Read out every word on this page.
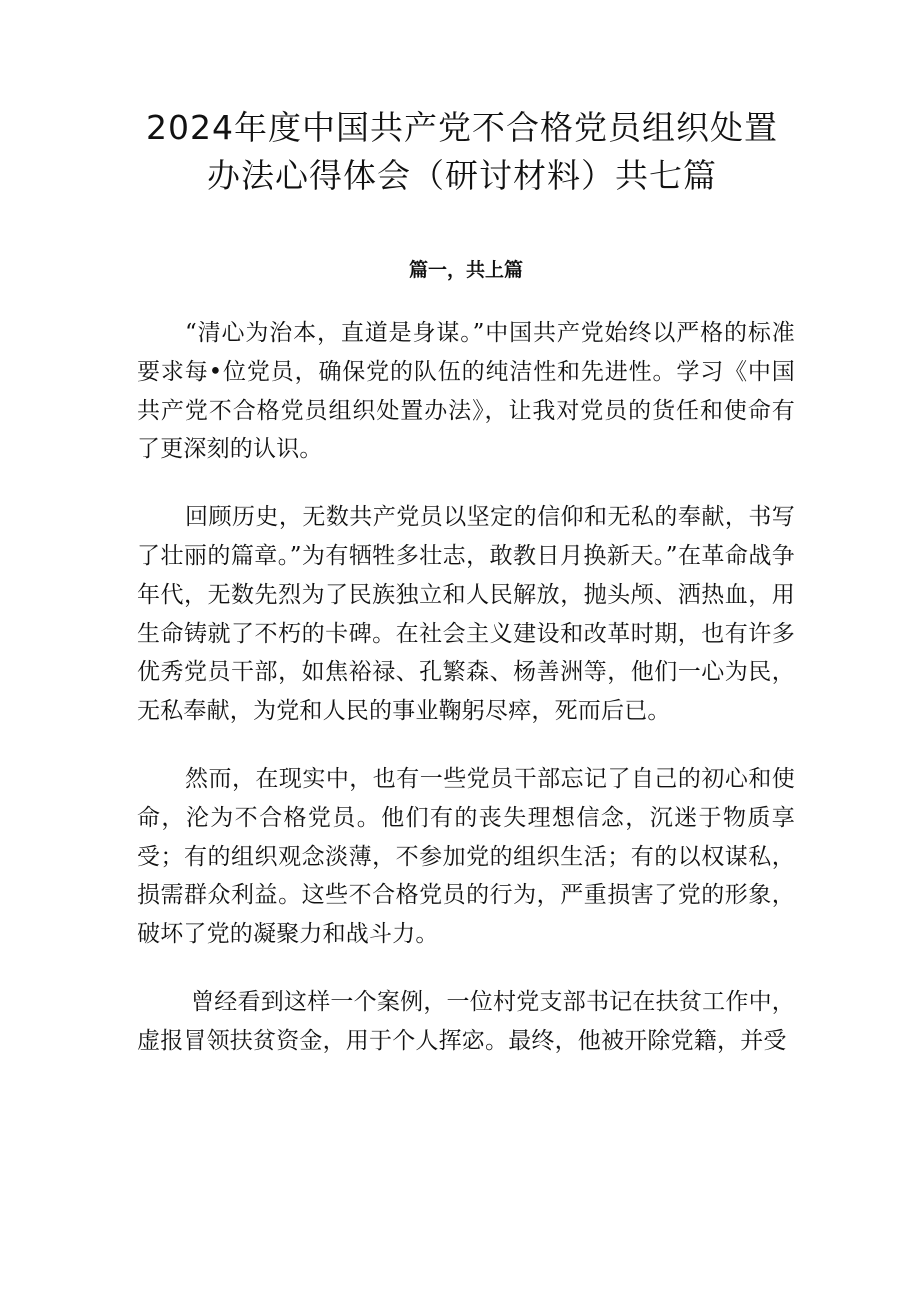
2024年度中国共产党不合格党员组织处置
办法心得体会（研讨材料）共七篇
篇一，共上篇

“清心为治本，直道是身谋。”中国共产党始终以严格的标准要求每•位党员，确保党的队伍的纯洁性和先进性。学习《中国共产党不合格党员组织处置办法》，让我对党员的货任和使命有了更深刻的认识。

回顾历史，无数共产党员以坚定的信仰和无私的奉献，书写了壮丽的篇章。”为有牺牲多壮志，敢教日月换新天。”在革命战争年代，无数先烈为了民族独立和人民解放，抛头颅、洒热血，用生命铸就了不朽的卡碑。在社会主义建设和改革时期，也有许多优秀党员干部，如焦裕禄、孔繁森、杨善洲等，他们一心为民，无私奉献，为党和人民的事业鞠躬尽瘁，死而后已。

然而，在现实中，也有一些党员干部忘记了自己的初心和使命，沦为不合格党员。他们有的丧失理想信念，沉迷于物质享受；有的组织观念淡薄，不参加党的组织生活；有的以权谋私，损需群众利益。这些不合格党员的行为，严重损害了党的形象，破坏了党的凝聚力和战斗力。

曾经看到这样一个案例，一位村党支部书记在扶贫工作中，虚报冒领扶贫资金，用于个人挥宓。最终，他被开除党籍，并受
